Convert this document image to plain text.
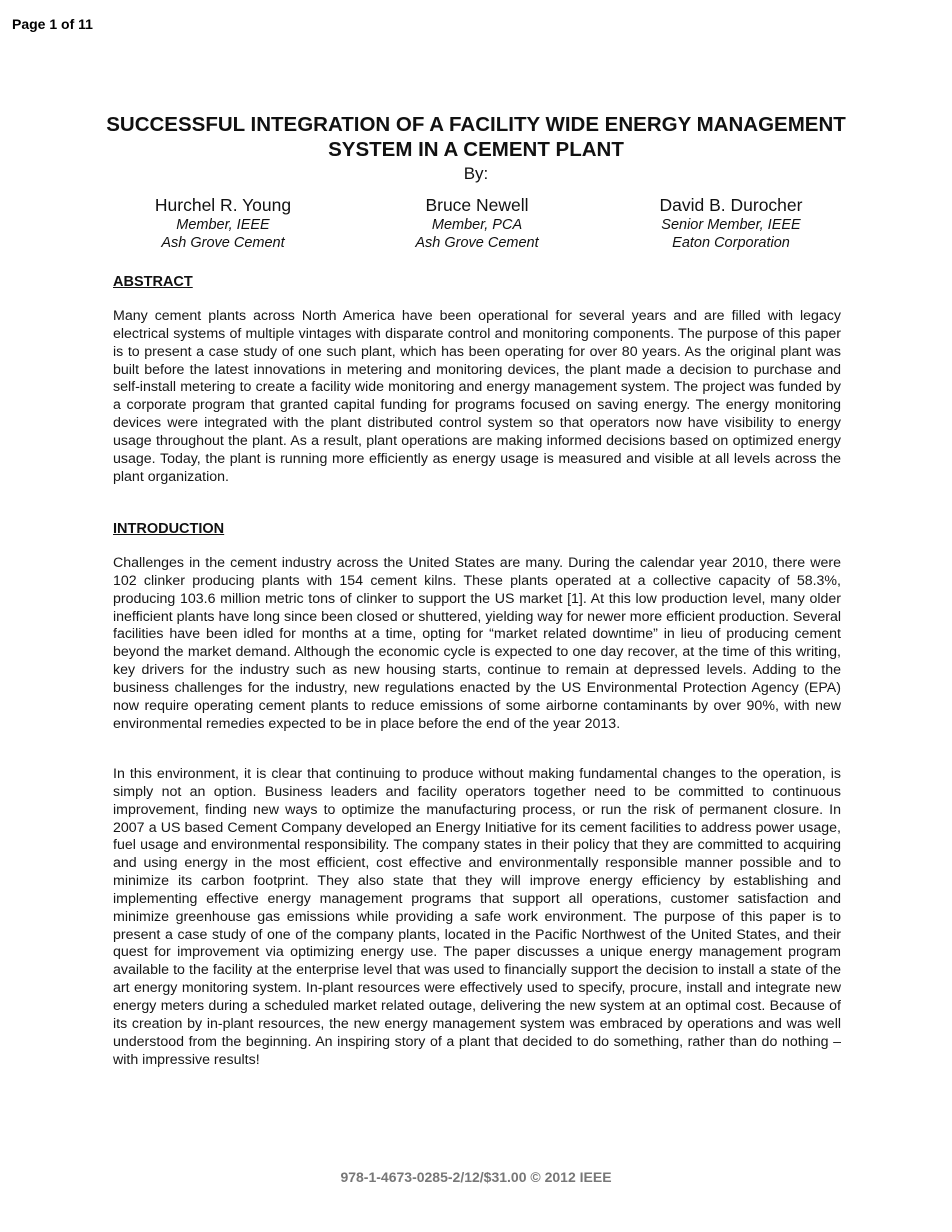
Page 1 of 11
SUCCESSFUL INTEGRATION OF A FACILITY WIDE ENERGY MANAGEMENT
SYSTEM IN A CEMENT PLANT
By:
Hurchel R. Young
Member, IEEE
Ash Grove Cement
Bruce Newell
Member, PCA
Ash Grove Cement
David B. Durocher
Senior Member, IEEE
Eaton Corporation
ABSTRACT

Many cement plants across North America have been operational for several years and are filled with legacy electrical systems of multiple vintages with disparate control and monitoring components. The purpose of this paper is to present a case study of one such plant, which has been operating for over 80 years. As the original plant was built before the latest innovations in metering and monitoring devices, the plant made a decision to purchase and self-install metering to create a facility wide monitoring and energy management system. The project was funded by a corporate program that granted capital funding for programs focused on saving energy. The energy monitoring devices were integrated with the plant distributed control system so that operators now have visibility to energy usage throughout the plant. As a result, plant operations are making informed decisions based on optimized energy usage. Today, the plant is running more efficiently as energy usage is measured and visible at all levels across the plant organization.

INTRODUCTION

Challenges in the cement industry across the United States are many. During the calendar year 2010, there were 102 clinker producing plants with 154 cement kilns. These plants operated at a collective capacity of 58.3%, producing 103.6 million metric tons of clinker to support the US market [1]. At this low production level, many older inefficient plants have long since been closed or shuttered, yielding way for newer more efficient production. Several facilities have been idled for months at a time, opting for “market related downtime” in lieu of producing cement beyond the market demand. Although the economic cycle is expected to one day recover, at the time of this writing, key drivers for the industry such as new housing starts, continue to remain at depressed levels. Adding to the business challenges for the industry, new regulations enacted by the US Environmental Protection Agency (EPA) now require operating cement plants to reduce emissions of some airborne contaminants by over 90%, with new environmental remedies expected to be in place before the end of the year 2013.

In this environment, it is clear that continuing to produce without making fundamental changes to the operation, is simply not an option. Business leaders and facility operators together need to be committed to continuous improvement, finding new ways to optimize the manufacturing process, or run the risk of permanent closure. In 2007 a US based Cement Company developed an Energy Initiative for its cement facilities to address power usage, fuel usage and environmental responsibility. The company states in their policy that they are committed to acquiring and using energy in the most efficient, cost effective and environmentally responsible manner possible and to minimize its carbon footprint. They also state that they will improve energy efficiency by establishing and implementing effective energy management programs that support all operations, customer satisfaction and minimize greenhouse gas emissions while providing a safe work environment. The purpose of this paper is to present a case study of one of the company plants, located in the Pacific Northwest of the United States, and their quest for improvement via optimizing energy use. The paper discusses a unique energy management program available to the facility at the enterprise level that was used to financially support the decision to install a state of the art energy monitoring system. In-plant resources were effectively used to specify, procure, install and integrate new energy meters during a scheduled market related outage, delivering the new system at an optimal cost. Because of its creation by in-plant resources, the new energy management system was embraced by operations and was well understood from the beginning. An inspiring story of a plant that decided to do something, rather than do nothing – with impressive results!

978-1-4673-0285-2/12/$31.00 © 2012 IEEE
